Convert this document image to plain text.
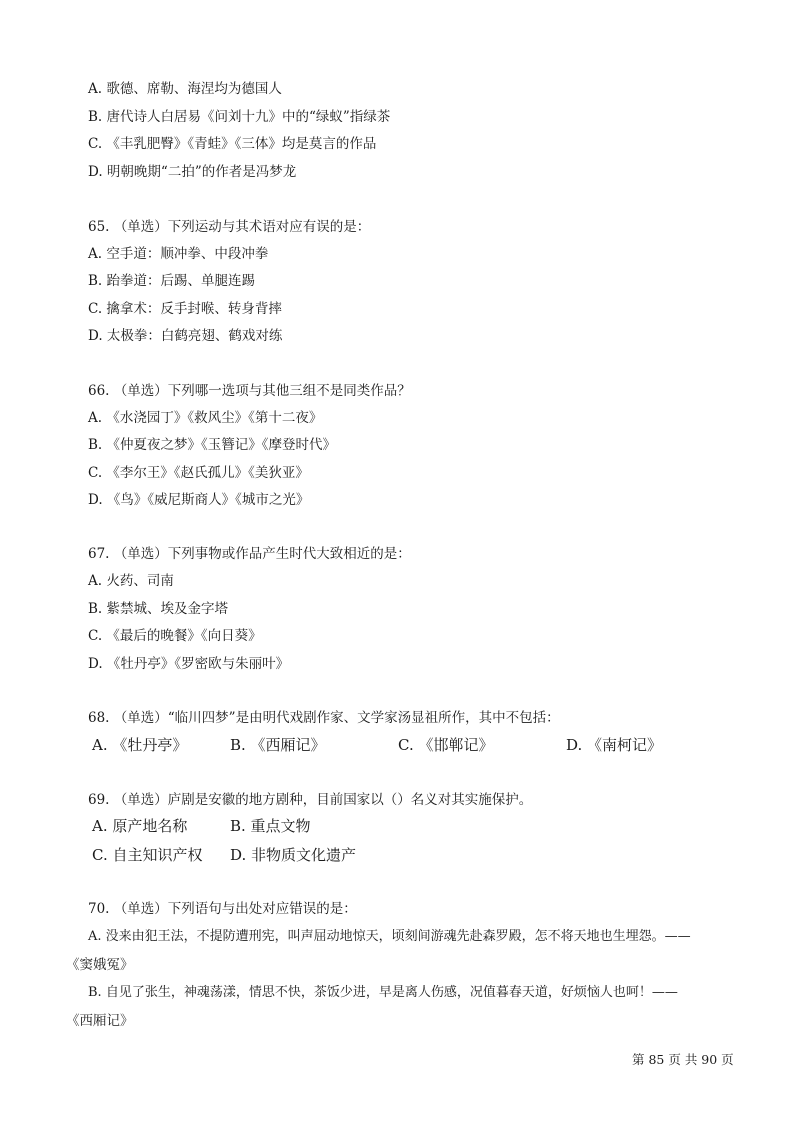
A. 歌德、席勒、海涅均为德国人
B. 唐代诗人白居易《问刘十九》中的“绿蚁”指绿茶
C. 《丰乳肥臀》《青蛙》《三体》均是莫言的作品
D. 明朝晚期“二拍”的作者是冯梦龙
65. （单选）下列运动与其术语对应有误的是：
A. 空手道：顺冲拳、中段冲拳
B. 跆拳道：后踢、单腿连踢
C. 擒拿术：反手封喉、转身背摔
D. 太极拳：白鹤亮翅、鹤戏对练
66. （单选）下列哪一选项与其他三组不是同类作品？
A. 《水浇园丁》《救风尘》《第十二夜》
B. 《仲夏夜之梦》《玉簪记》《摩登时代》
C. 《李尔王》《赵氏孤儿》《美狄亚》
D. 《鸟》《威尼斯商人》《城市之光》
67. （单选）下列事物或作品产生时代大致相近的是：
A. 火药、司南
B. 紫禁城、埃及金字塔
C. 《最后的晚餐》《向日葵》
D. 《牡丹亭》《罗密欧与朱丽叶》
68. （单选）“临川四梦”是由明代戏剧作家、文学家汤显祖所作，其中不包括：
A. 《牡丹亭》	B. 《西厢记》	C. 《邯郸记》	D. 《南柯记》
69. （单选）庐剧是安徽的地方剧种，目前国家以（）名义对其实施保护。
A. 原产地名称	B. 重点文物
C. 自主知识产权 D. 非物质文化遗产
70. （单选）下列语句与出处对应错误的是：
A. 没来由犯王法，不提防遭刑宪，叫声屈动地惊天，顷刻间游魂先赴森罗殿，怎不将天地也生埋怨。——
《窦娥冤》
B. 自见了张生，神魂荡漾，情思不快，茶饭少进，早是离人伤感，况值暮春天道，好烦恼人也呵！——
《西厢记》
第 85 页 共 90 页
